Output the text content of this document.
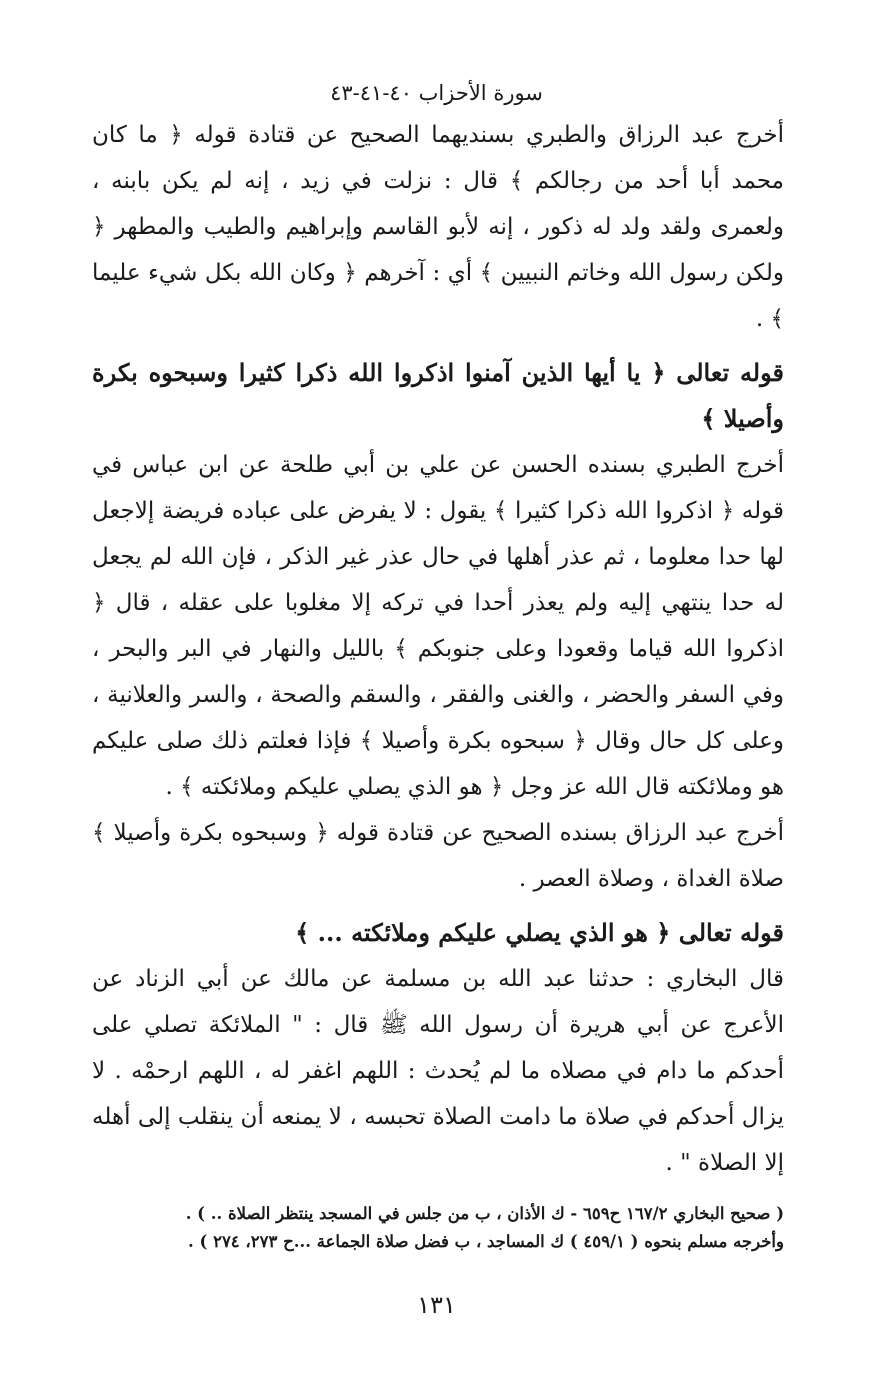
سورة الأحزاب ٤٠-٤١-٤٣

أخرج عبد الرزاق والطبري بسنديهما الصحيح عن قتادة قوله ﴿ ما كان محمد أبا أحد من رجالكم ﴾ قال : نزلت في زيد ، إنه لم يكن بابنه ، ولعمرى ولقد ولد له ذكور ، إنه لأبو القاسم وإبراهيم والطيب والمطهر ﴿ ولكن رسول الله وخاتم النبيين ﴾ أي : آخرهم ﴿ وكان الله بكل شيء عليما ﴾ .

قوله تعالى ﴿ يا أيها الذين آمنوا اذكروا الله ذكرا كثيرا وسبحوه بكرة وأصيلا ﴾

أخرج الطبري بسنده الحسن عن علي بن أبي طلحة عن ابن عباس في قوله ﴿ اذكروا الله ذكرا كثيرا ﴾ يقول : لا يفرض على عباده فريضة إلاجعل لها حدا معلوما ، ثم عذر أهلها في حال عذر غير الذكر ، فإن الله لم يجعل له حدا ينتهي إليه ولم يعذر أحدا في تركه إلا مغلوبا على عقله ، قال ﴿ اذكروا الله قياما وقعودا وعلى جنوبكم ﴾ بالليل والنهار في البر والبحر ، وفي السفر والحضر ، والغنى والفقر ، والسقم والصحة ، والسر والعلانية ، وعلى كل حال وقال ﴿ سبحوه بكرة وأصيلا ﴾ فإذا فعلتم ذلك صلى عليكم هو وملائكته قال الله عز وجل ﴿ هو الذي يصلي عليكم وملائكته ﴾ .

أخرج عبد الرزاق بسنده الصحيح عن قتادة قوله ﴿ وسبحوه بكرة وأصيلا ﴾ صلاة الغداة ، وصلاة العصر .

قوله تعالى ﴿ هو الذي يصلي عليكم وملائكته ... ﴾

قال البخاري : حدثنا عبد الله بن مسلمة عن مالك عن أبي الزناد عن الأعرج عن أبي هريرة أن رسول الله ﷺ قال : " الملائكة تصلي على أحدكم ما دام في مصلاه ما لم يُحدث : اللهم اغفر له ، اللهم ارحمْه . لا يزال أحدكم في صلاة ما دامت الصلاة تحبسه ، لا يمنعه أن ينقلب إلى أهله إلا الصلاة " .

( صحيح البخاري ١٦٧/٢ ح٦٥٩ - ك الأذان ، ب من جلس في المسجد ينتظر الصلاة .. ) .

وأخرجه مسلم بنحوه ( ٤٥٩/١ ) ك المساجد ، ب فضل صلاة الجماعة ...ح ٢٧٣، ٢٧٤ ) .

١٣١
